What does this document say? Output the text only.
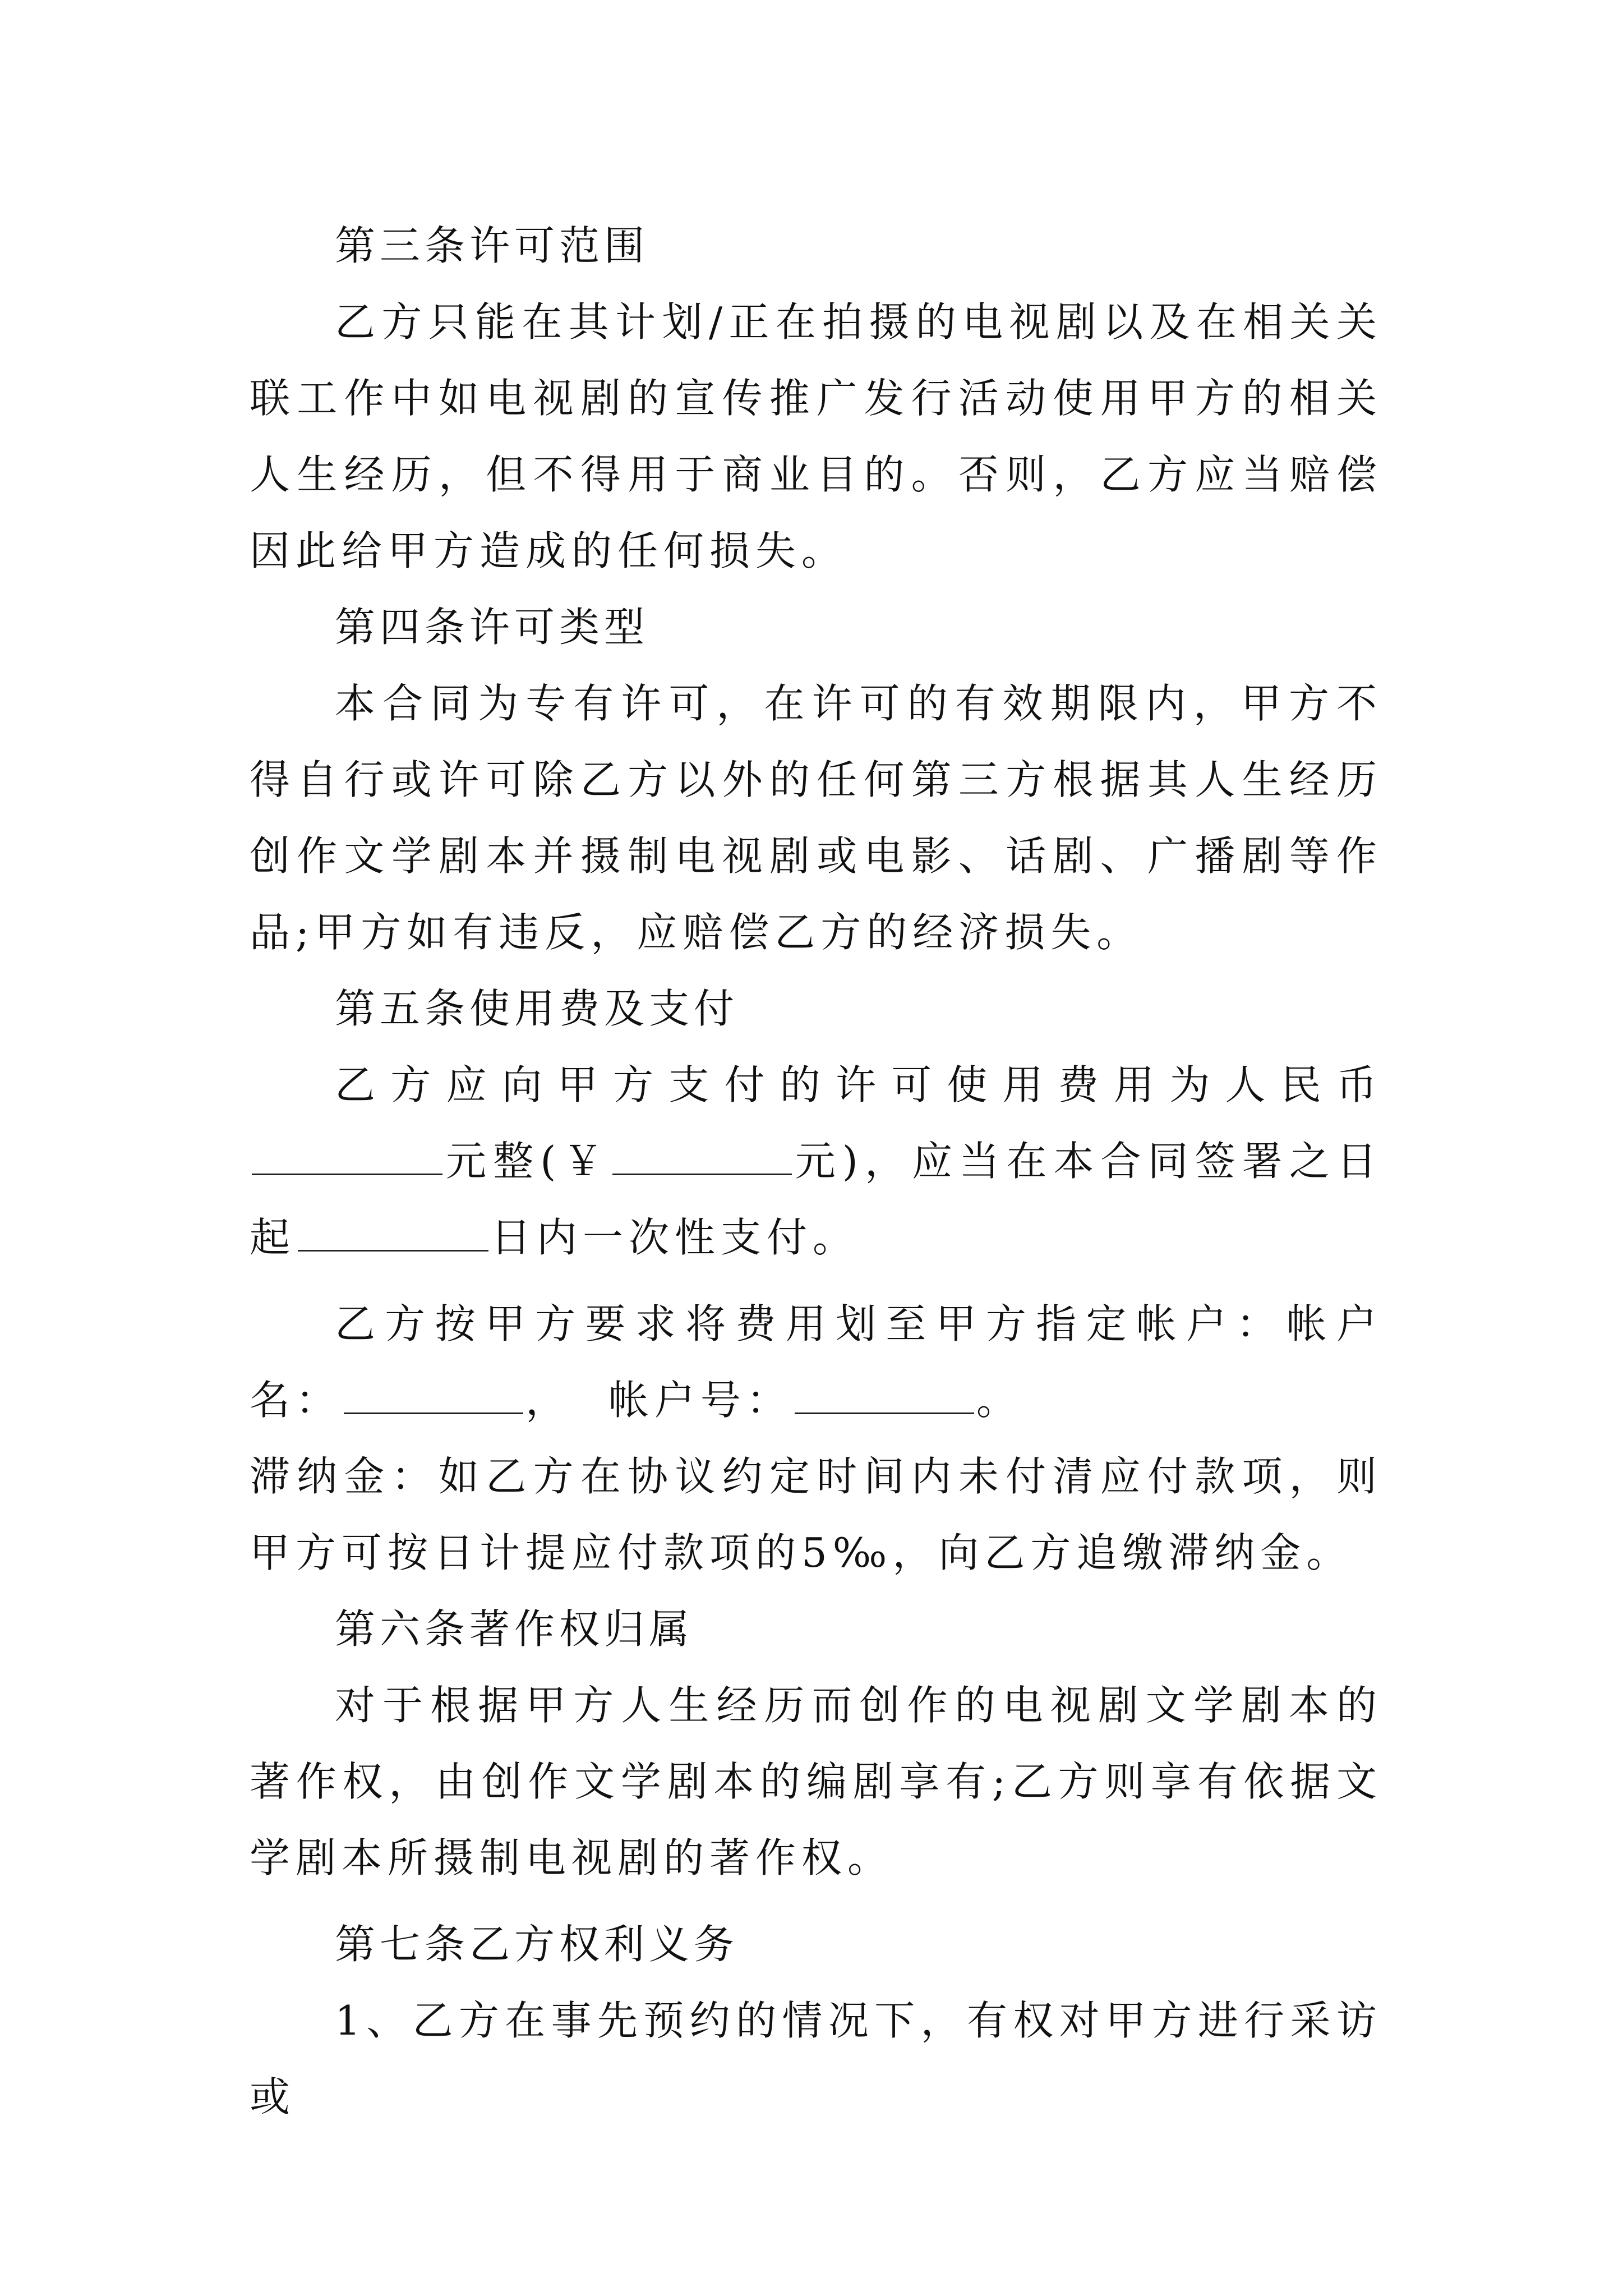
第三条许可范围

乙方只能在其计划/正在拍摄的电视剧以及在相关关联工作中如电视剧的宣传推广发行活动使用甲方的相关人生经历，但不得用于商业目的。否则，乙方应当赔偿因此给甲方造成的任何损失。

第四条许可类型

本合同为专有许可，在许可的有效期限内，甲方不得自行或许可除乙方以外的任何第三方根据其人生经历创作文学剧本并摄制电视剧或电影、话剧、广播剧等作品;甲方如有违反，应赔偿乙方的经济损失。

第五条使用费及支付

乙方应向甲方支付的许可使用费用为人民币元整(￥	元)，应当在本合同签署之日起	日内一次性支付。

乙方按甲方要求将费用划至甲方指定帐户：帐户名：	， 帐户号：	。

滞纳金：如乙方在协议约定时间内未付清应付款项，则甲方可按日计提应付款项的5‰，向乙方追缴滞纳金。

第六条著作权归属

对于根据甲方人生经历而创作的电视剧文学剧本的著作权，由创作文学剧本的编剧享有;乙方则享有依据文学剧本所摄制电视剧的著作权。

第七条乙方权利义务

1、乙方在事先预约的情况下，有权对甲方进行采访或
